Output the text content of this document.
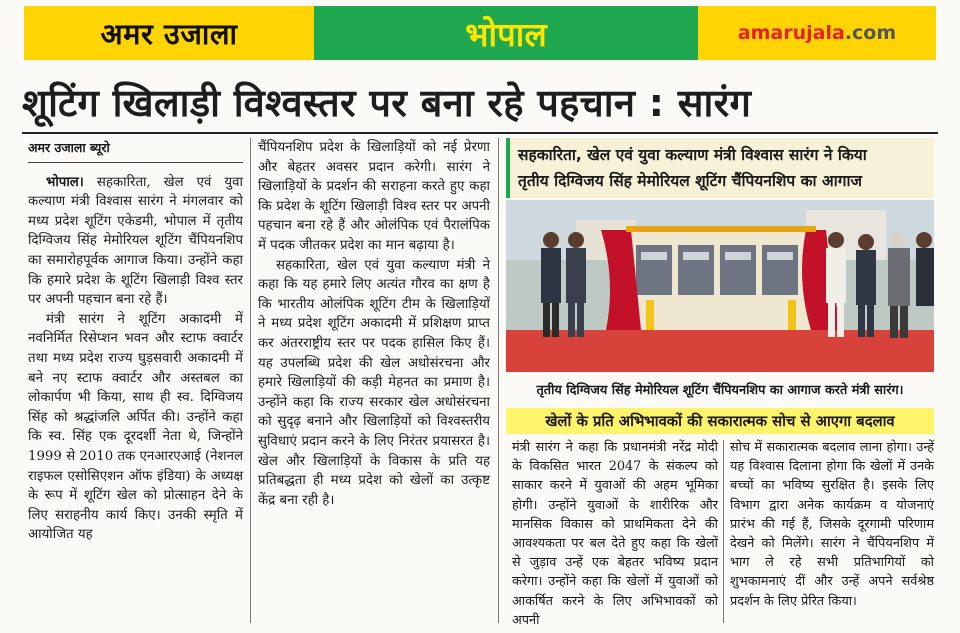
अमर उजाला	भोपाल	amarujala .com
शूटिंग खिलाड़ी विश्वस्तर पर बना रहे पहचान : सारंग
अमर उजाला ब्यूरो

भोपाल। सहकारिता, खेल एवं युवा कल्याण मंत्री विश्वास सारंग ने मंगलवार को मध्य प्रदेश शूटिंग एकेडमी, भोपाल में तृतीय दिग्विजय सिंह मेमोरियल शूटिंग चैंपियनशिप का समारोहपूर्वक आगाज किया। उन्होंने कहा कि हमारे प्रदेश के शूटिंग खिलाड़ी विश्व स्तर पर अपनी पहचान बना रहे हैं।

मंत्री सारंग ने शूटिंग अकादमी में नवनिर्मित रिसेप्शन भवन और स्टाफ क्वार्टर तथा मध्य प्रदेश राज्य घुड़सवारी अकादमी में बने नए स्टाफ क्वार्टर और अस्तबल का लोकार्पण भी किया, साथ ही स्व. दिग्विजय सिंह को श्रद्धांजलि अर्पित की। उन्होंने कहा कि स्व. सिंह एक दूरदर्शी नेता थे, जिन्होंने 1999 से 2010 तक एनआरएआई (नेशनल राइफल एसोसिएशन ऑफ इंडिया) के अध्यक्ष के रूप में शूटिंग खेल को प्रोत्साहन देने के लिए सराहनीय कार्य किए। उनकी स्मृति में आयोजित यह

चैंपियनशिप प्रदेश के खिलाड़ियों को नई प्रेरणा और बेहतर अवसर प्रदान करेगी। सारंग ने खिलाड़ियों के प्रदर्शन की सराहना करते हुए कहा कि प्रदेश के शूटिंग खिलाड़ी विश्व स्तर पर अपनी पहचान बना रहे हैं और ओलंपिक एवं पैरालंपिक में पदक जीतकर प्रदेश का मान बढ़ाया है।

सहकारिता, खेल एवं युवा कल्याण मंत्री ने कहा कि यह हमारे लिए अत्यंत गौरव का क्षण है कि भारतीय ओलंपिक शूटिंग टीम के खिलाड़ियों ने मध्य प्रदेश शूटिंग अकादमी में प्रशिक्षण प्राप्त कर अंतरराष्ट्रीय स्तर पर पदक हासिल किए हैं। यह उपलब्धि प्रदेश की खेल अधोसंरचना और हमारे खिलाड़ियों की कड़ी मेहनत का प्रमाण है। उन्होंने कहा कि राज्य सरकार खेल अधोसंरचना को सुदृढ़ बनाने और खिलाड़ियों को विश्वस्तरीय सुविधाएं प्रदान करने के लिए निरंतर प्रयासरत है। खेल और खिलाड़ियों के विकास के प्रति यह प्रतिबद्धता ही मध्य प्रदेश को खेलों का उत्कृष्ट केंद्र बना रही है।

सहकारिता, खेल एवं युवा कल्याण मंत्री विश्वास सारंग ने किया
तृतीय दिग्विजय सिंह मेमोरियल शूटिंग चैंपियनशिप का आगाज
तृतीय दिग्विजय सिंह मेमोरियल शूटिंग चैंपियनशिप का आगाज करते मंत्री सारंग।
खेलों के प्रति अभिभावकों की सकारात्मक सोच से आएगा बदलाव

मंत्री सारंग ने कहा कि प्रधानमंत्री नरेंद्र मोदी के विकसित भारत 2047 के संकल्प को साकार करने में युवाओं की अहम भूमिका होगी। उन्होंने युवाओं के शारीरिक और मानसिक विकास को प्राथमिकता देने की आवश्यकता पर बल देते हुए कहा कि खेलों से जुड़ाव उन्हें एक बेहतर भविष्य प्रदान करेगा। उन्होंने कहा कि खेलों में युवाओं को आकर्षित करने के लिए अभिभावकों को अपनी

सोच में सकारात्मक बदलाव लाना होगा। उन्हें यह विश्वास दिलाना होगा कि खेलों में उनके बच्चों का भविष्य सुरक्षित है। इसके लिए विभाग द्वारा अनेक कार्यक्रम व योजनाएं प्रारंभ की गई हैं, जिसके दूरगामी परिणाम देखने को मिलेंगे। सारंग ने चैंपियनशिप में भाग ले रहे सभी प्रतिभागियों को शुभकामनाएं दीं और उन्हें अपने सर्वश्रेष्ठ प्रदर्शन के लिए प्रेरित किया।
